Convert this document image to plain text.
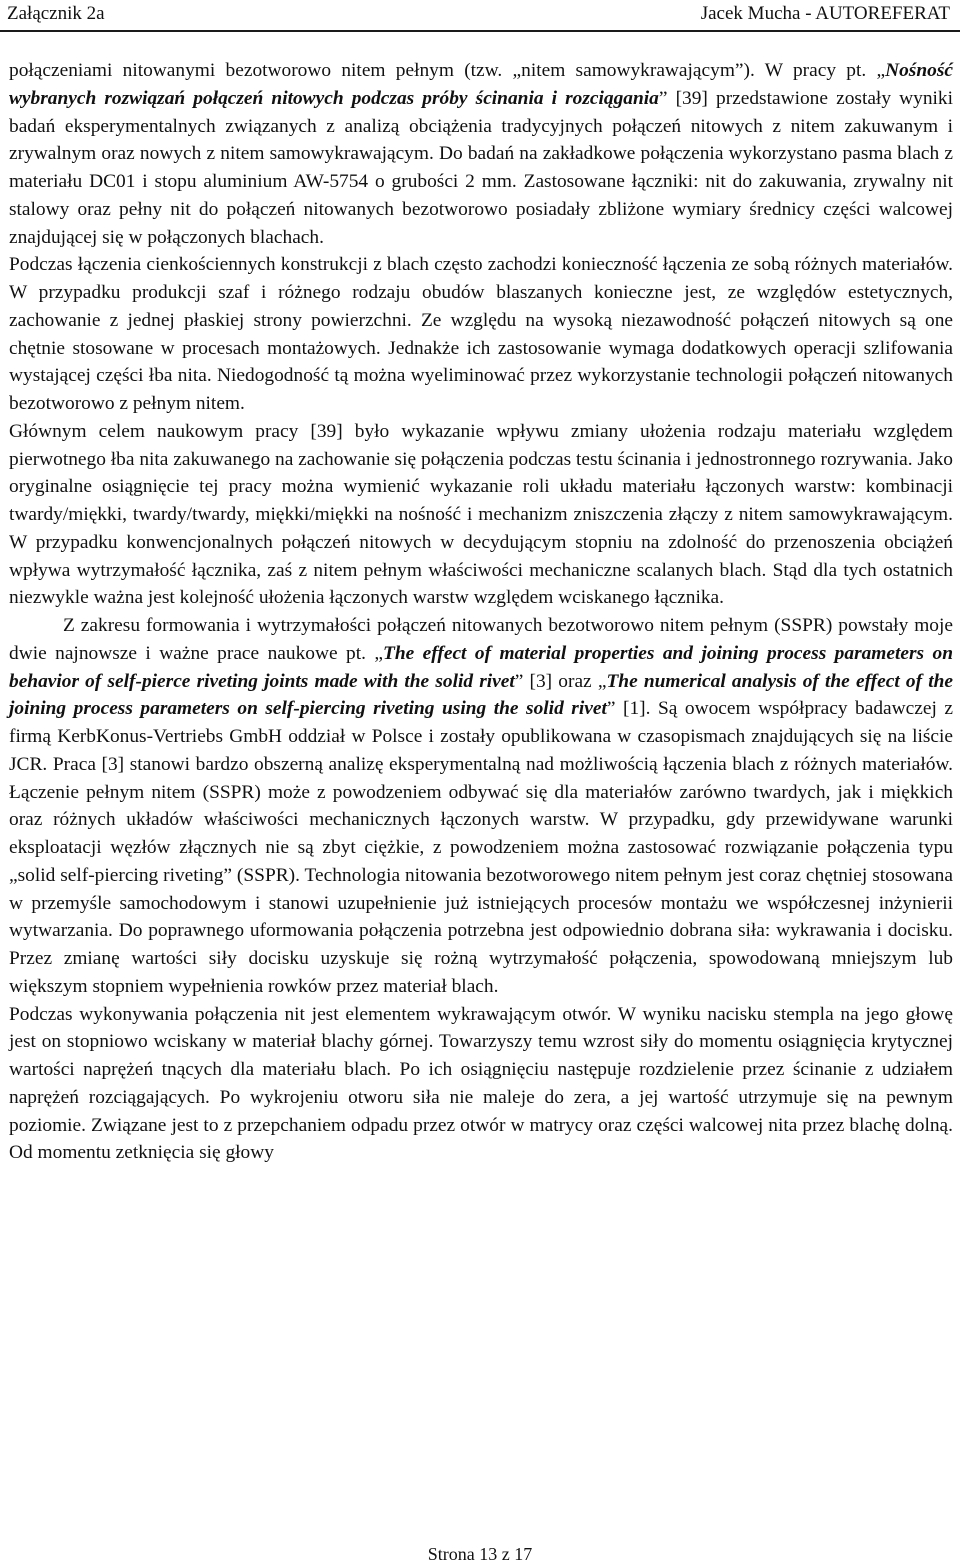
Załącznik 2a	Jacek Mucha - AUTOREFERAT

połączeniami nitowanymi bezotworowo nitem pełnym (tzw. „nitem samowykrawającym”). W pracy pt. „Nośność wybranych rozwiązań połączeń nitowych podczas próby ścinania i rozciągania” [39] przedstawione zostały wyniki badań eksperymentalnych związanych z analizą obciążenia tradycyjnych połączeń nitowych z nitem zakuwanym i zrywalnym oraz nowych z nitem samowykrawającym. Do badań na zakładkowe połączenia wykorzystano pasma blach z materiału DC01 i stopu aluminium AW-5754 o grubości 2 mm. Zastosowane łączniki: nit do zakuwania, zrywalny nit stalowy oraz pełny nit do połączeń nitowanych bezotworowo posiadały zbliżone wymiary średnicy części walcowej znajdującej się w połączonych blachach.

Podczas łączenia cienkościennych konstrukcji z blach często zachodzi konieczność łączenia ze sobą różnych materiałów. W przypadku produkcji szaf i różnego rodzaju obudów blaszanych konieczne jest, ze względów estetycznych, zachowanie z jednej płaskiej strony powierzchni. Ze względu na wysoką niezawodność połączeń nitowych są one chętnie stosowane w procesach montażowych. Jednakże ich zastosowanie wymaga dodatkowych operacji szlifowania wystającej części łba nita. Niedogodność tą można wyeliminować przez wykorzystanie technologii połączeń nitowanych bezotworowo z pełnym nitem.

Głównym celem naukowym pracy [39] było wykazanie wpływu zmiany ułożenia rodzaju materiału względem pierwotnego łba nita zakuwanego na zachowanie się połączenia podczas testu ścinania i jednostronnego rozrywania. Jako oryginalne osiągnięcie tej pracy można wymienić wykazanie roli układu materiału łączonych warstw: kombinacji twardy/miękki, twardy/twardy, miękki/miękki na nośność i mechanizm zniszczenia złączy z nitem samowykrawającym. W przypadku konwencjonalnych połączeń nitowych w decydującym stopniu na zdolność do przenoszenia obciążeń wpływa wytrzymałość łącznika, zaś z nitem pełnym właściwości mechaniczne scalanych blach. Stąd dla tych ostatnich niezwykle ważna jest kolejność ułożenia łączonych warstw względem wciskanego łącznika.

Z zakresu formowania i wytrzymałości połączeń nitowanych bezotworowo nitem pełnym (SSPR) powstały moje dwie najnowsze i ważne prace naukowe pt. „The effect of material properties and joining process parameters on behavior of self-pierce riveting joints made with the solid rivet” [3] oraz „The numerical analysis of the effect of the joining process parameters on self-piercing riveting using the solid rivet” [1]. Są owocem współpracy badawczej z firmą KerbKonus-Vertriebs GmbH oddział w Polsce i zostały opublikowana w czasopismach znajdujących się na liście JCR. Praca [3] stanowi bardzo obszerną analizę eksperymentalną nad możliwością łączenia blach z różnych materiałów. Łączenie pełnym nitem (SSPR) może z powodzeniem odbywać się dla materiałów zarówno twardych, jak i miękkich oraz różnych układów właściwości mechanicznych łączonych warstw. W przypadku, gdy przewidywane warunki eksploatacji węzłów złącznych nie są zbyt ciężkie, z powodzeniem można zastosować rozwiązanie połączenia typu „solid self-piercing riveting” (SSPR). Technologia nitowania bezotworowego nitem pełnym jest coraz chętniej stosowana w przemyśle samochodowym i stanowi uzupełnienie już istniejących procesów montażu we współczesnej inżynierii wytwarzania. Do poprawnego uformowania połączenia potrzebna jest odpowiednio dobrana siła: wykrawania i docisku. Przez zmianę wartości siły docisku uzyskuje się rożną wytrzymałość połączenia, spowodowaną mniejszym lub większym stopniem wypełnienia rowków przez materiał blach.

Podczas wykonywania połączenia nit jest elementem wykrawającym otwór. W wyniku nacisku stempla na jego głowę jest on stopniowo wciskany w materiał blachy górnej. Towarzyszy temu wzrost siły do momentu osiągnięcia krytycznej wartości naprężeń tnących dla materiału blach. Po ich osiągnięciu następuje rozdzielenie przez ścinanie z udziałem naprężeń rozciągających. Po wykrojeniu otworu siła nie maleje do zera, a jej wartość utrzymuje się na pewnym poziomie. Związane jest to z przepchaniem odpadu przez otwór w matrycy oraz części walcowej nita przez blachę dolną. Od momentu zetknięcia się głowy

Strona 13 z 17
